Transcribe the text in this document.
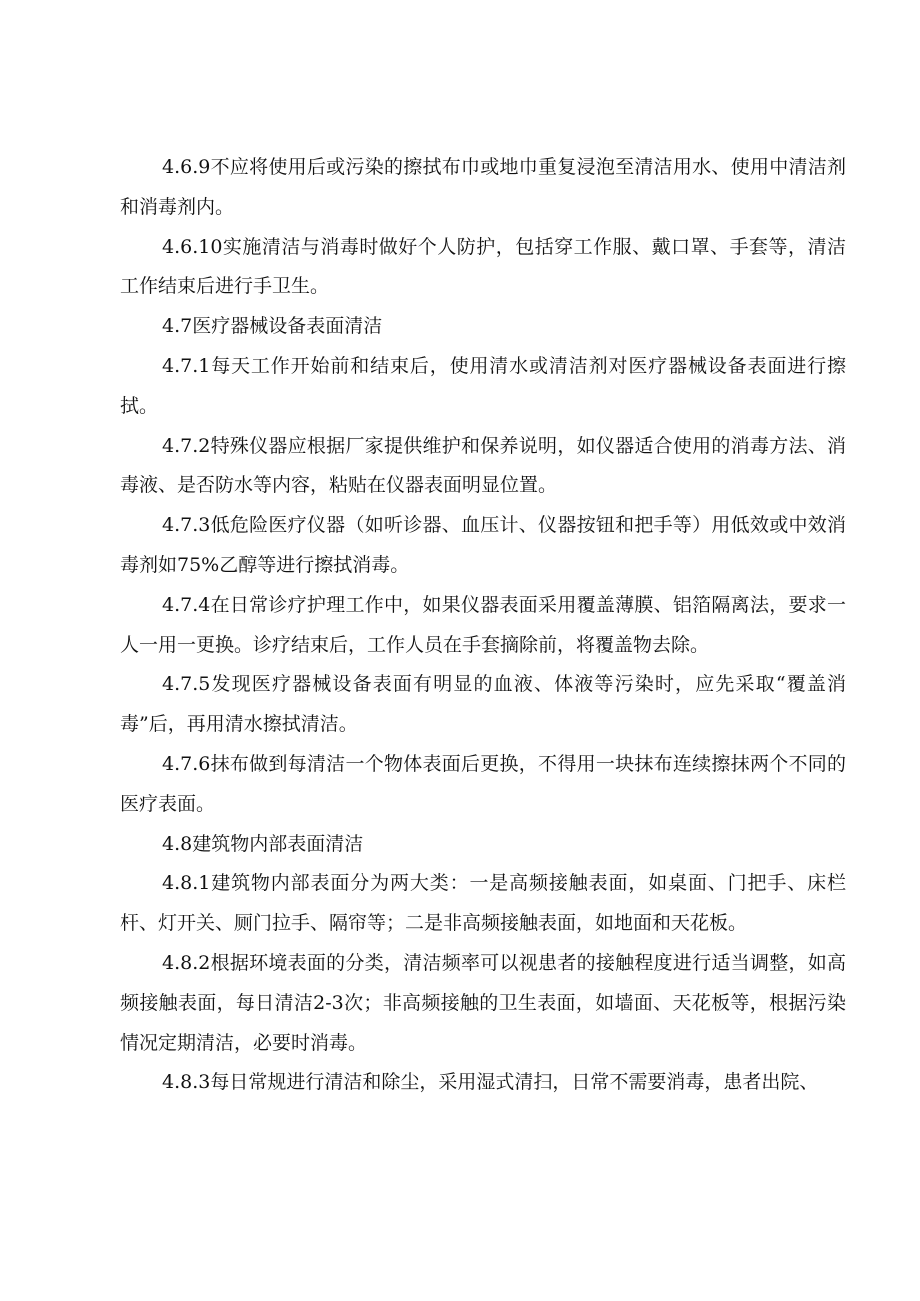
4.6.9不应将使用后或污染的擦拭布巾或地巾重复浸泡至清洁用水、使用中清洁剂和消毒剂内。

4.6.10实施清洁与消毒时做好个人防护，包括穿工作服、戴口罩、手套等，清洁工作结束后进行手卫生。

4.7医疗器械设备表面清洁

4.7.1每天工作开始前和结束后，使用清水或清洁剂对医疗器械设备表面进行擦拭。

4.7.2特殊仪器应根据厂家提供维护和保养说明，如仪器适合使用的消毒方法、消毒液、是否防水等内容，粘贴在仪器表面明显位置。

4.7.3低危险医疗仪器（如听诊器、血压计、仪器按钮和把手等）用低效或中效消毒剂如75%乙醇等进行擦拭消毒。

4.7.4在日常诊疗护理工作中，如果仪器表面采用覆盖薄膜、铝箔隔离法，要求一人一用一更换。诊疗结束后，工作人员在手套摘除前，将覆盖物去除。

4.7.5发现医疗器械设备表面有明显的血液、体液等污染时，应先采取“覆盖消毒”后，再用清水擦拭清洁。

4.7.6抹布做到每清洁一个物体表面后更换，不得用一块抹布连续擦抹两个不同的医疗表面。

4.8建筑物内部表面清洁

4.8.1建筑物内部表面分为两大类：一是高频接触表面，如桌面、门把手、床栏杆、灯开关、厕门拉手、隔帘等；二是非高频接触表面，如地面和天花板。

4.8.2根据环境表面的分类，清洁频率可以视患者的接触程度进行适当调整，如高频接触表面，每日清洁2-3次；非高频接触的卫生表面，如墙面、天花板等，根据污染情况定期清洁，必要时消毒。

4.8.3每日常规进行清洁和除尘，采用湿式清扫，日常不需要消毒，患者出院、
